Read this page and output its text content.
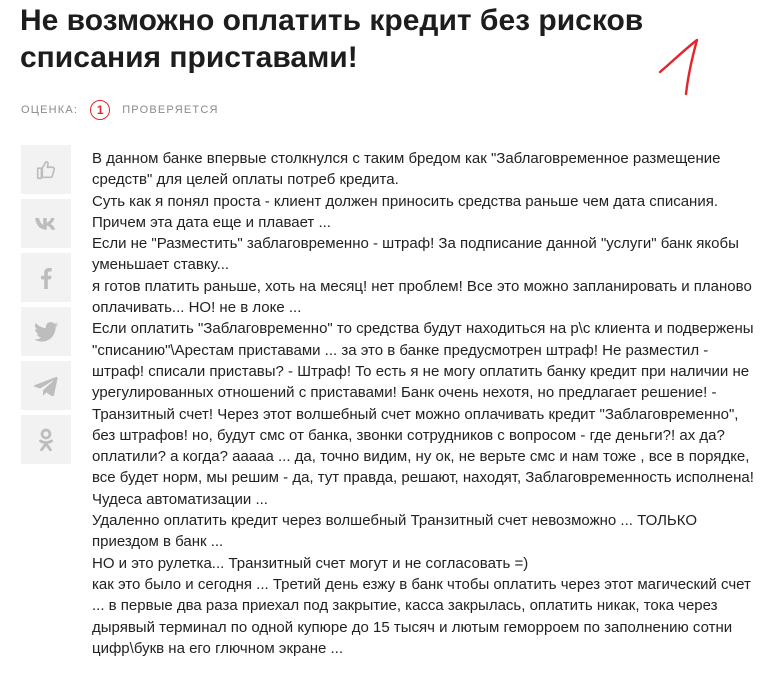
Не возможно оплатить кредит без рисков списания приставами!
ОЦЕНКА:	1	ПРОВЕРЯЕТСЯ

В данном банке впервые столкнулся с таким бредом как "Заблаговременное размещение средств" для целей оплаты потреб кредита.

Суть как я понял проста - клиент должен приносить средства раньше чем дата списания. Причем эта дата еще и плавает ...

Если не "Разместить" заблаговременно - штраф! За подписание данной "услуги" банк якобы уменьшает ставку...

я готов платить раньше, хоть на месяц! нет проблем! Все это можно запланировать и планово оплачивать... НО! не в локе ...

Если оплатить "Заблаговременно" то средства будут находиться на р\с клиента и подвержены "списанию"\Арестам приставами ... за это в банке предусмотрен штраф! Не разместил - штраф! списали приставы? - Штраф! То есть я не могу оплатить банку кредит при наличии не урегулированных отношений с приставами! Банк очень нехотя, но предлагает решение! - Транзитный счет! Через этот волшебный счет можно оплачивать кредит "Заблаговременно", без штрафов! но, будут смс от банка, звонки сотрудников с вопросом - где деньги?! ах да? оплатили? а когда? ааааа ... да, точно видим, ну ок, не верьте смс и нам тоже , все в порядке, все будет норм, мы решим - да, тут правда, решают, находят, Заблаговременность исполнена! Чудеса автоматизации ...

Удаленно оплатить кредит через волшебный Транзитный счет невозможно ... ТОЛЬКО приездом в банк ...

НО и это рулетка... Транзитный счет могут и не согласовать =)

как это было и сегодня ... Третий день езжу в банк чтобы оплатить через этот магический счет ... в первые два раза приехал под закрытие, касса закрылась, оплатить никак, тока через дырявый терминал по одной купюре до 15 тысяч и лютым геморроем по заполнению сотни цифр\букв на его глючном экране ...
